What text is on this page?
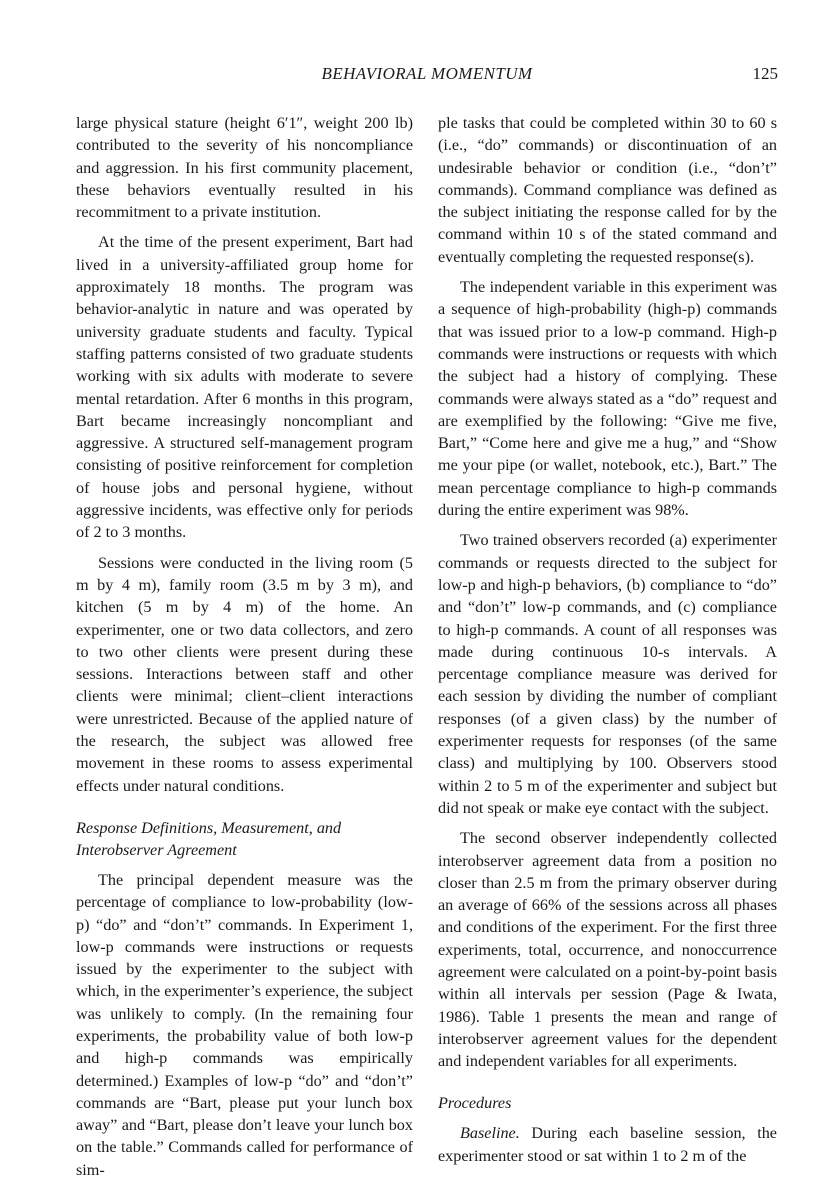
BEHAVIORAL MOMENTUM	125

large physical stature (height 6′1″, weight 200 lb) contributed to the severity of his noncompliance and aggression. In his first community placement, these behaviors eventually resulted in his recommitment to a private institution.

At the time of the present experiment, Bart had lived in a university-affiliated group home for approximately 18 months. The program was behavior-analytic in nature and was operated by university graduate students and faculty. Typical staffing patterns consisted of two graduate students working with six adults with moderate to severe mental retardation. After 6 months in this program, Bart became increasingly noncompliant and aggressive. A structured self-management program consisting of positive reinforcement for completion of house jobs and personal hygiene, without aggressive incidents, was effective only for periods of 2 to 3 months.

Sessions were conducted in the living room (5 m by 4 m), family room (3.5 m by 3 m), and kitchen (5 m by 4 m) of the home. An experimenter, one or two data collectors, and zero to two other clients were present during these sessions. Interactions between staff and other clients were minimal; client–client interactions were unrestricted. Because of the applied nature of the research, the subject was allowed free movement in these rooms to assess experimental effects under natural conditions.

Response Definitions, Measurement, and Interobserver Agreement

The principal dependent measure was the percentage of compliance to low-probability (low-p) “do” and “don’t” commands. In Experiment 1, low-p commands were instructions or requests issued by the experimenter to the subject with which, in the experimenter’s experience, the subject was unlikely to comply. (In the remaining four experiments, the probability value of both low-p and high-p commands was empirically determined.) Examples of low-p “do” and “don’t” commands are “Bart, please put your lunch box away” and “Bart, please don’t leave your lunch box on the table.” Commands called for performance of sim-

ple tasks that could be completed within 30 to 60 s (i.e., “do” commands) or discontinuation of an undesirable behavior or condition (i.e., “don’t” commands). Command compliance was defined as the subject initiating the response called for by the command within 10 s of the stated command and eventually completing the requested response(s).

The independent variable in this experiment was a sequence of high-probability (high-p) commands that was issued prior to a low-p command. High-p commands were instructions or requests with which the subject had a history of complying. These commands were always stated as a “do” request and are exemplified by the following: “Give me five, Bart,” “Come here and give me a hug,” and “Show me your pipe (or wallet, notebook, etc.), Bart.” The mean percentage compliance to high-p commands during the entire experiment was 98%.

Two trained observers recorded (a) experimenter commands or requests directed to the subject for low-p and high-p behaviors, (b) compliance to “do” and “don’t” low-p commands, and (c) compliance to high-p commands. A count of all responses was made during continuous 10-s intervals. A percentage compliance measure was derived for each session by dividing the number of compliant responses (of a given class) by the number of experimenter requests for responses (of the same class) and multiplying by 100. Observers stood within 2 to 5 m of the experimenter and subject but did not speak or make eye contact with the subject.

The second observer independently collected interobserver agreement data from a position no closer than 2.5 m from the primary observer during an average of 66% of the sessions across all phases and conditions of the experiment. For the first three experiments, total, occurrence, and nonoccurrence agreement were calculated on a point-by-point basis within all intervals per session (Page & Iwata, 1986). Table 1 presents the mean and range of interobserver agreement values for the dependent and independent variables for all experiments.

Procedures

Baseline. During each baseline session, the experimenter stood or sat within 1 to 2 m of the
